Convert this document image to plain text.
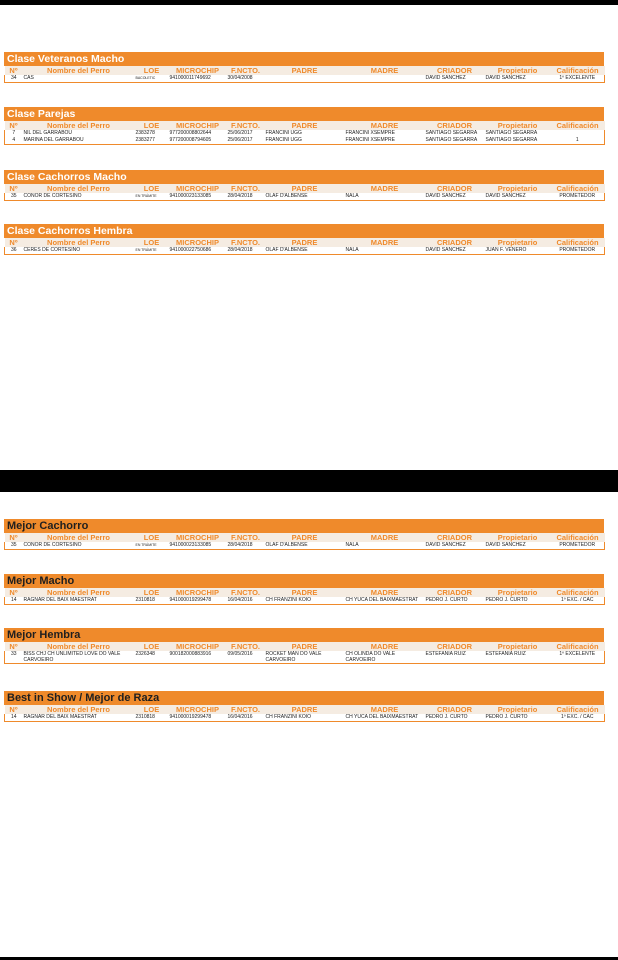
Clase Veteranos Macho
Nº	Nombre del Perro	LOE	MICROCHIP	F.NCTO.	PADRE	MADRE	CRIADOR	Propietario	Calificación
34	CAS	BACOLETIC	941000011749692	30/04/2008			DAVID SÁNCHEZ	DAVID SÁNCHEZ	1º EXCELENTE
Clase Parejas
Nº	Nombre del Perro	LOE	MICROCHIP	F.NCTO.	PADRE	MADRE	CRIADOR	Propietario	Calificación
7	NIL DEL GARRABOU	2383278	977200008802644	25/06/2017	FRANCINI UGG	FRANCINI XSEMPRE	SANTIAGO SEGARRA	SANTIAGO SEGARRA	
4	MARINA DEL GARRABOU	2383277	977200008794605	25/06/2017	FRANCINI UGG	FRANCINI XSEMPRE	SANTIAGO SEGARRA	SANTIAGO SEGARRA	1
Clase Cachorros Macho
Nº	Nombre del Perro	LOE	MICROCHIP	F.NCTO.	PADRE	MADRE	CRIADOR	Propietario	Calificación
35	CONOR DE CORTESINO	EN TRÁMITE	941000023133085	28/04/2018	OLAF D'ALBENSE	NALA	DAVID SÁNCHEZ	DAVID SÁNCHEZ	PROMETEDOR
Clase Cachorros Hembra
Nº	Nombre del Perro	LOE	MICROCHIP	F.NCTO.	PADRE	MADRE	CRIADOR	Propietario	Calificación
36	CERES DE CORTESINO	EN TRÁMITE	941000022750686	28/04/2018	OLAF D'ALBENSE	NALA	DAVID SÁNCHEZ	JUAN F. VENERO	PROMETEDOR
Mejor Cachorro
Nº	Nombre del Perro	LOE	MICROCHIP	F.NCTO.	PADRE	MADRE	CRIADOR	Propietario	Calificación
35	CONOR DE CORTESINO	EN TRÁMITE	941000023133085	28/04/2018	OLAF D'ALBENSE	NALA	DAVID SÁNCHEZ	DAVID SÁNCHEZ	PROMETEDOR
Mejor Macho
Nº	Nombre del Perro	LOE	MICROCHIP	F.NCTO.	PADRE	MADRE	CRIADOR	Propietario	Calificación
14	RAGNAR DEL BAIX MAESTRAT	2310818	941000019299478	16/04/2016	CH FRANZINI KOIO	CH YUCA DEL BAIXMAESTRAT	PEDRO J. CURTO	PEDRO J. CURTO	1º EXC. / CAC
Mejor Hembra
Nº	Nombre del Perro	LOE	MICROCHIP	F.NCTO.	PADRE	MADRE	CRIADOR	Propietario	Calificación
33	BISS CHJ CH UNLIMITED LOVE DO VALE CARVOEIRO	2326348	900182000883916	09/05/2016	ROCKET MAN DO VALE CARVOEIRO	CH OLINDA DO VALE CARVOEIRO	ESTEFANÍA RUIZ	ESTEFANÍA RUIZ	1º EXCELENTE
Best in Show / Mejor de Raza
Nº	Nombre del Perro	LOE	MICROCHIP	F.NCTO.	PADRE	MADRE	CRIADOR	Propietario	Calificación
14	RAGNAR DEL BAIX MAESTRAT	2310818	941000019299478	16/04/2016	CH FRANZINI KOIO	CH YUCA DEL BAIXMAESTRAT	PEDRO J. CURTO	PEDRO J. CURTO	1º EXC. / CAC
